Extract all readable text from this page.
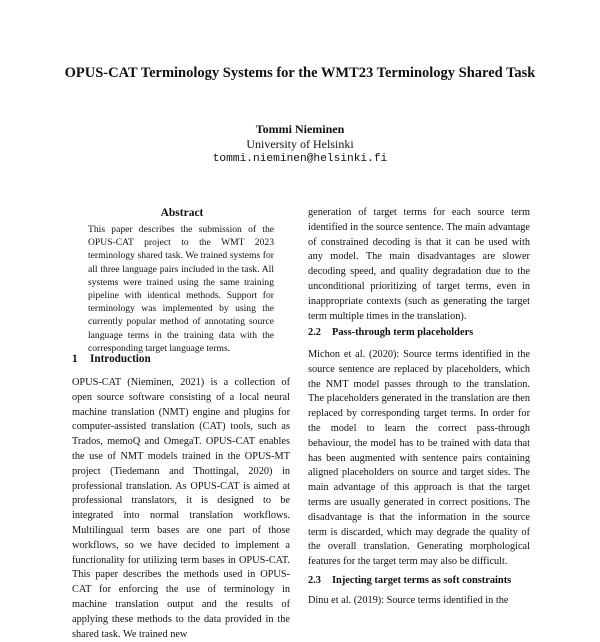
OPUS-CAT Terminology Systems for the WMT23 Terminology Shared Task
Tommi Nieminen
University of Helsinki
tommi.nieminen@helsinki.fi
Abstract
This paper describes the submission of the OPUS-CAT project to the WMT 2023 terminology shared task. We trained systems for all three language pairs included in the task. All systems were trained using the same training pipeline with identical methods. Support for terminology was implemented by using the currently popular method of annotating source language terms in the training data with the corresponding target language terms.
1 Introduction
OPUS-CAT (Nieminen, 2021) is a collection of open source software consisting of a local neural machine translation (NMT) engine and plugins for computer-assisted translation (CAT) tools, such as Trados, memoQ and OmegaT. OPUS-CAT enables the use of NMT models trained in the OPUS-MT project (Tiedemann and Thottingal, 2020) in professional translation. As OPUS-CAT is aimed at professional translators, it is designed to be integrated into normal translation workflows. Multilingual term bases are one part of those workflows, so we have decided to implement a functionality for utilizing term bases in OPUS-CAT. This paper describes the methods used in OPUS-CAT for enforcing the use of terminology in machine translation output and the results of applying these methods to the data provided in the shared task. We trained new
generation of target terms for each source term identified in the source sentence. The main advantage of constrained decoding is that it can be used with any model. The main disadvantages are slower decoding speed, and quality degradation due to the unconditional prioritizing of target terms, even in inappropriate contexts (such as generating the target term multiple times in the translation).
2.2 Pass-through term placeholders
Michon et al. (2020): Source terms identified in the source sentence are replaced by placeholders, which the NMT model passes through to the translation. The placeholders generated in the translation are then replaced by corresponding target terms. In order for the model to learn the correct pass-through behaviour, the model has to be trained with data that has been augmented with sentence pairs containing aligned placeholders on source and target sides. The main advantage of this approach is that the target terms are usually generated in correct positions. The disadvantage is that the information in the source term is discarded, which may degrade the quality of the overall translation. Generating morphological features for the target term may also be difficult.
2.3 Injecting target terms as soft constraints
Dinu et al. (2019): Source terms identified in the
